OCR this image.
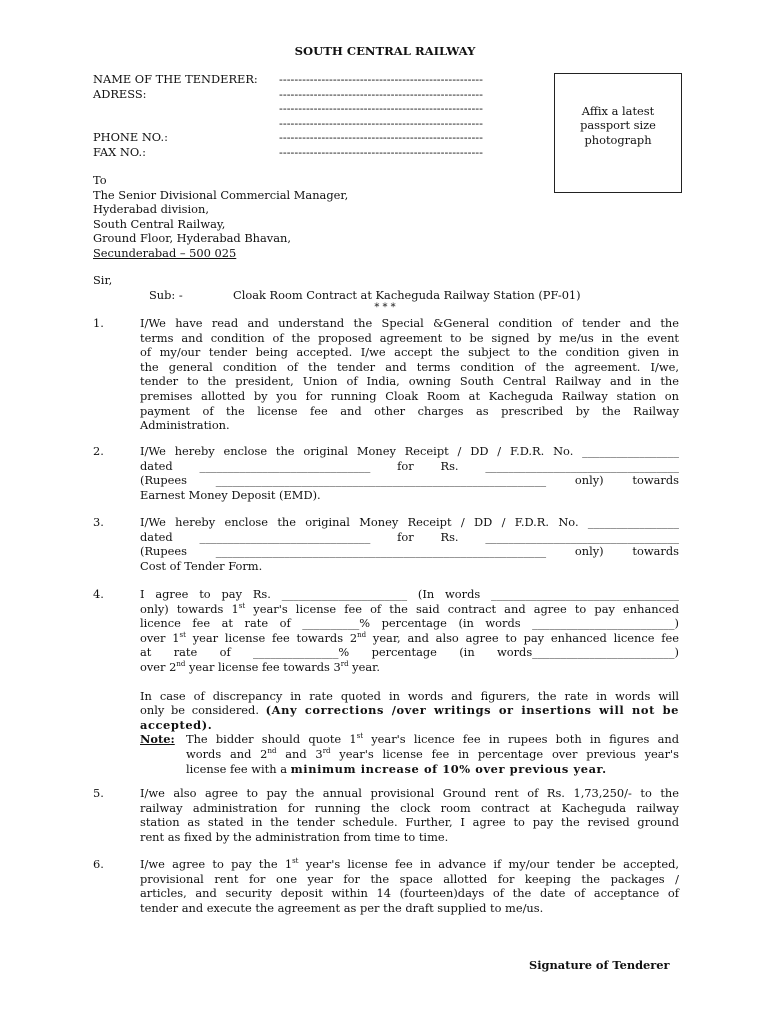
SOUTH CENTRAL RAILWAY
NAME OF THE TENDERER:	-----------------------------------------------------
ADRESS:	-----------------------------------------------------
-----------------------------------------------------
-----------------------------------------------------
PHONE NO.:	-----------------------------------------------------
FAX NO.:	-----------------------------------------------------
Affix a latest
passport size
photograph
To
The Senior Divisional Commercial Manager,
Hyderabad division,
South Central Railway,
Ground Floor, Hyderabad Bhavan,
Secunderabad – 500 025
Sir,
Sub: -	Cloak Room Contract at Kacheguda Railway Station (PF-01)
* * *
1.	I/We have read and understand the Special &General condition of tender and the
terms and condition of the proposed agreement to be signed by me/us in the event
of my/our tender being accepted. I/we accept the subject to the condition given in
the general condition of the tender and terms condition of the agreement. I/we,
tender to the president, Union of India, owning South Central Railway and in the
premises allotted by you for running Cloak Room at Kacheguda Railway station on
payment of the license fee and other charges as prescribed by the Railway
Administration.
2.	I/We hereby enclose the original Money Receipt / DD / F.D.R. No. _________________
dated ______________________________ for Rs. __________________________________
(Rupees __________________________________________________________ only) towards
Earnest Money Deposit (EMD).
3.	I/We hereby enclose the original Money Receipt / DD / F.D.R. No. ________________
dated ______________________________ for Rs. __________________________________
(Rupees __________________________________________________________ only) towards
Cost of Tender Form.
4.	I agree to pay Rs. ______________________ (In words _________________________________
only) towards 1st year's license fee of the said contract and agree to pay enhanced
licence fee at rate of __________% percentage (in words _________________________)
over 1st year license fee towards 2nd year, and also agree to pay enhanced licence fee
at rate of _______________% percentage (in words_________________________)
over 2nd year license fee towards 3rd year.
In case of discrepancy in rate quoted in words and figurers, the rate in words will
only be considered. (Any corrections /over writings or insertions will not be
accepted).
Note: The bidder should quote 1st year's licence fee in rupees both in figures and
words and 2nd and 3rd year's license fee in percentage over previous year's
license fee with a minimum increase of 10% over previous year.
5.	I/we also agree to pay the annual provisional Ground rent of Rs. 1,73,250/- to the
railway administration for running the clock room contract at Kacheguda railway
station as stated in the tender schedule. Further, I agree to pay the revised ground
rent as fixed by the administration from time to time.
6.	I/we agree to pay the 1st year's license fee in advance if my/our tender be accepted,
provisional rent for one year for the space allotted for keeping the packages /
articles, and security deposit within 14 (fourteen)days of the date of acceptance of
tender and execute the agreement as per the draft supplied to me/us.
Signature of Tenderer
